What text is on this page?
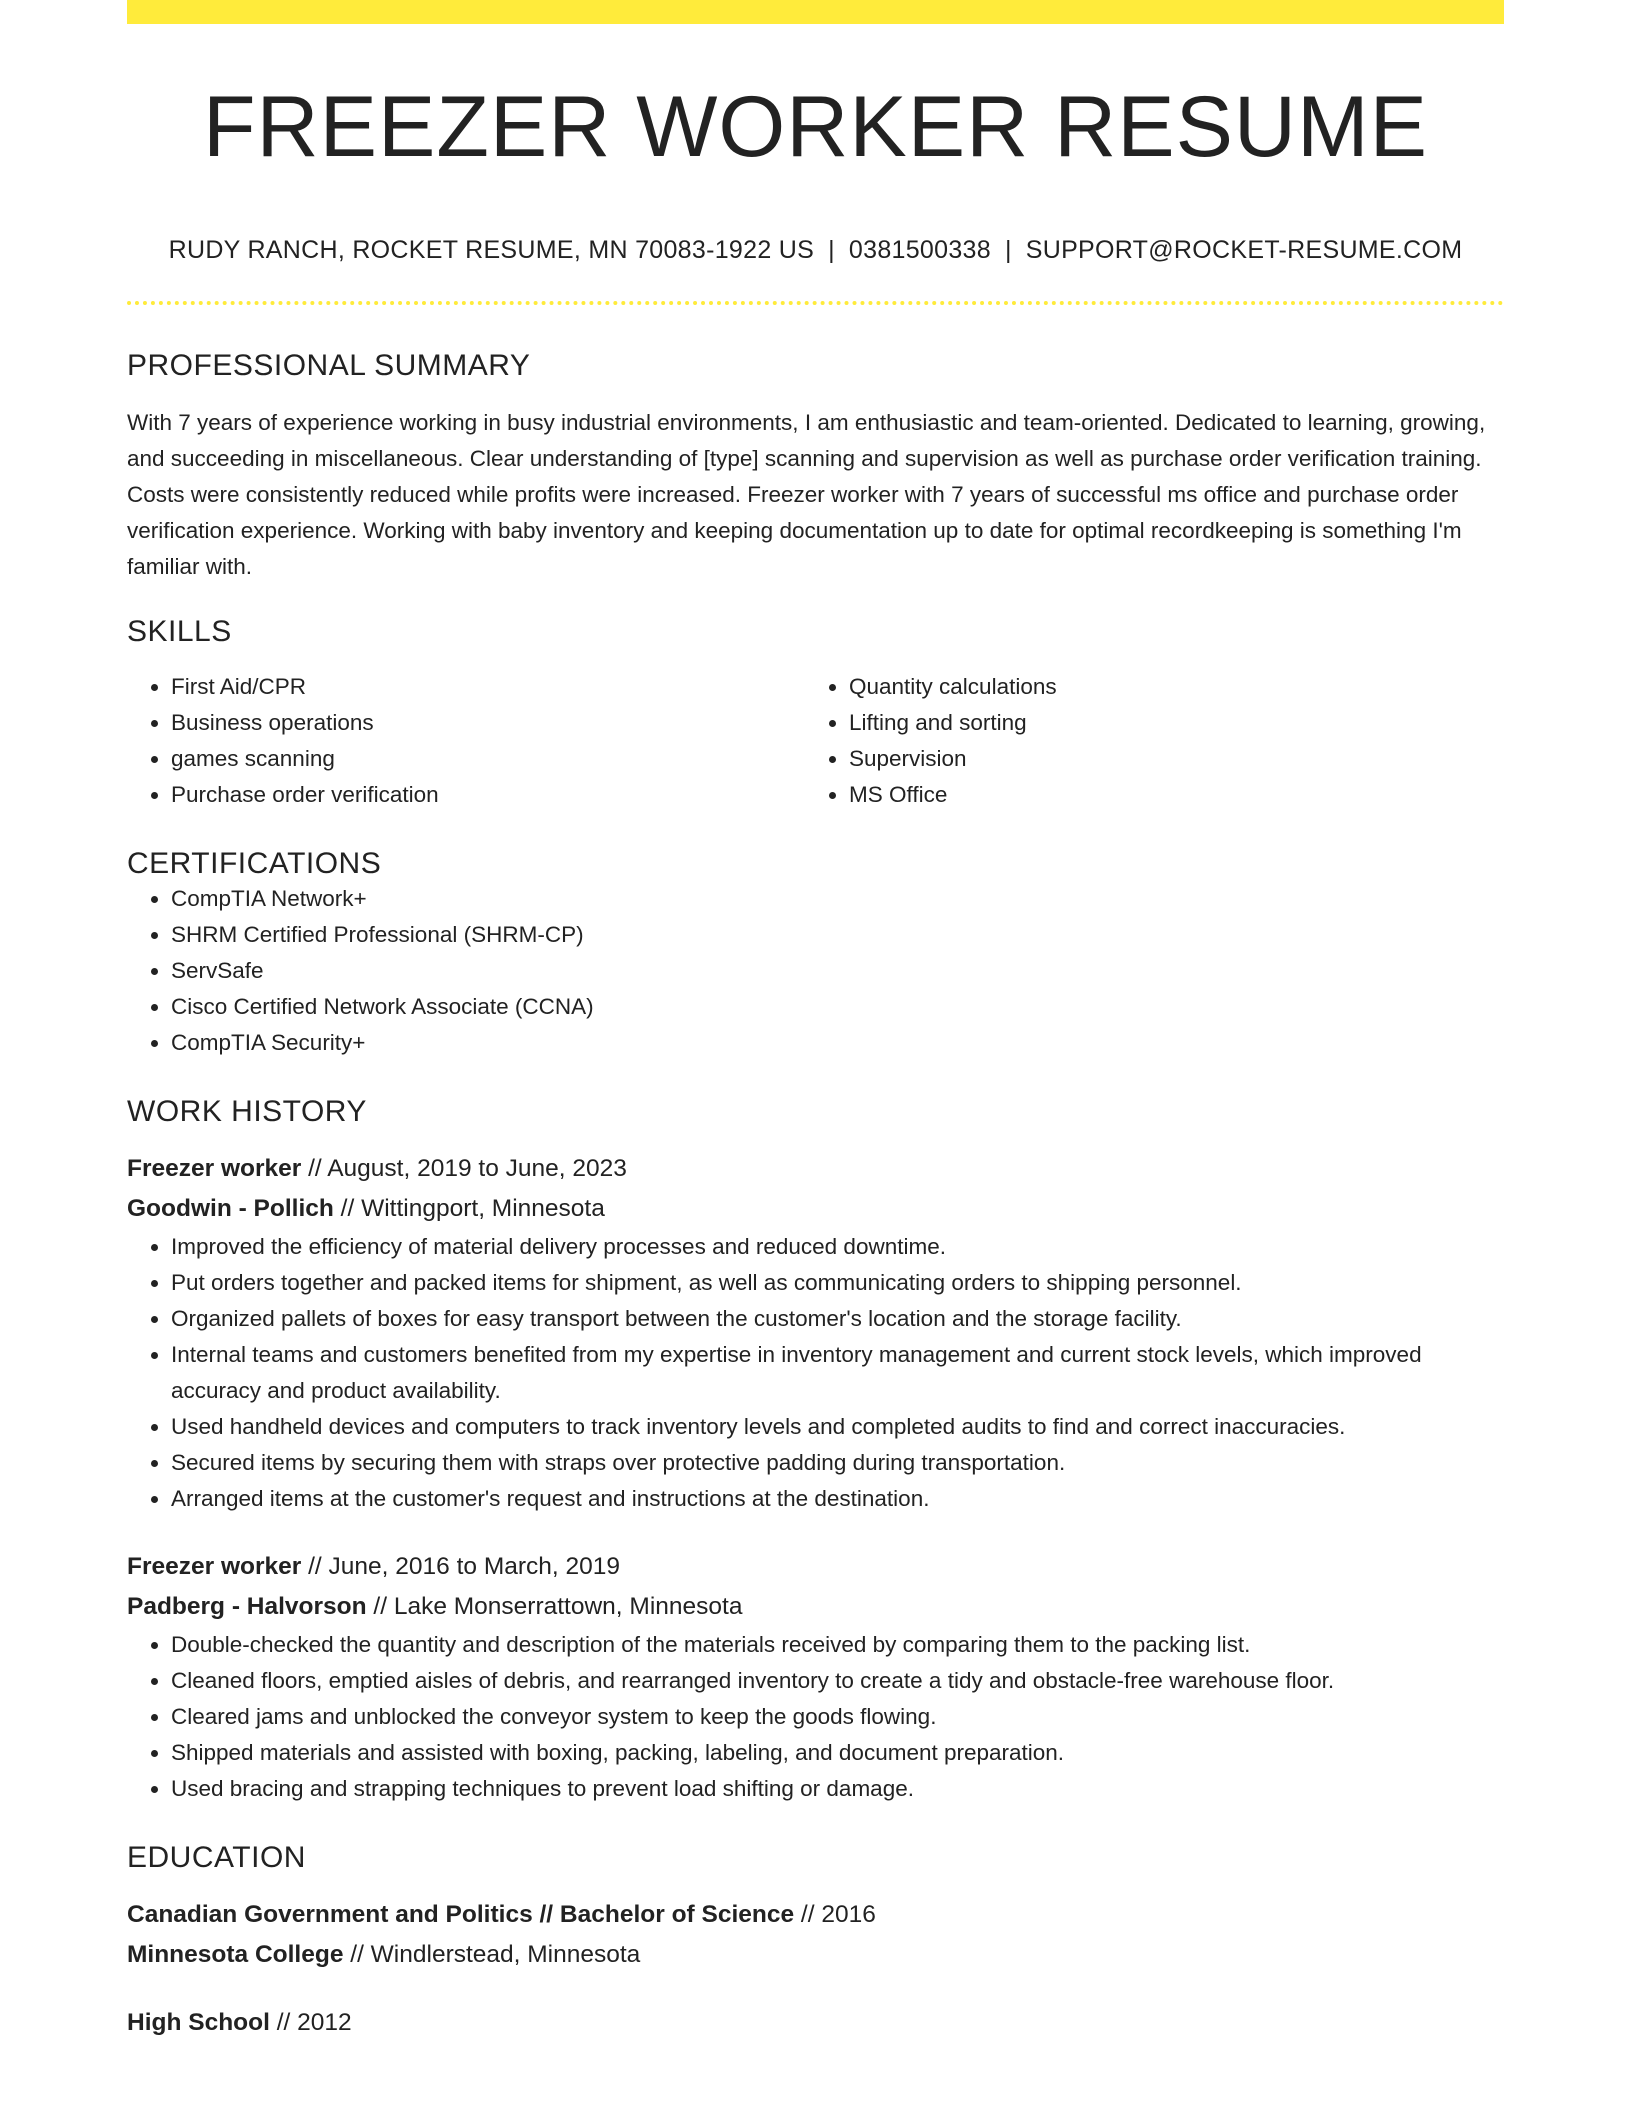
FREEZER WORKER RESUME
RUDY RANCH, ROCKET RESUME, MN 70083-1922 US | 0381500338 | SUPPORT@ROCKET-RESUME.COM
PROFESSIONAL SUMMARY
With 7 years of experience working in busy industrial environments, I am enthusiastic and team-oriented. Dedicated to learning, growing, and succeeding in miscellaneous. Clear understanding of [type] scanning and supervision as well as purchase order verification training. Costs were consistently reduced while profits were increased. Freezer worker with 7 years of successful ms office and purchase order verification experience. Working with baby inventory and keeping documentation up to date for optimal recordkeeping is something I'm familiar with.
SKILLS
• First Aid/CPR
• Business operations
• games scanning
• Purchase order verification
• Quantity calculations
• Lifting and sorting
• Supervision
• MS Office
CERTIFICATIONS
• CompTIA Network+
• SHRM Certified Professional (SHRM-CP)
• ServSafe
• Cisco Certified Network Associate (CCNA)
• CompTIA Security+
WORK HISTORY
Freezer worker // August, 2019 to June, 2023
Goodwin - Pollich // Wittingport, Minnesota
• Improved the efficiency of material delivery processes and reduced downtime.
• Put orders together and packed items for shipment, as well as communicating orders to shipping personnel.
• Organized pallets of boxes for easy transport between the customer's location and the storage facility.
• Internal teams and customers benefited from my expertise in inventory management and current stock levels, which improved accuracy and product availability.
• Used handheld devices and computers to track inventory levels and completed audits to find and correct inaccuracies.
• Secured items by securing them with straps over protective padding during transportation.
• Arranged items at the customer's request and instructions at the destination.
Freezer worker // June, 2016 to March, 2019
Padberg - Halvorson // Lake Monserrattown, Minnesota
• Double-checked the quantity and description of the materials received by comparing them to the packing list.
• Cleaned floors, emptied aisles of debris, and rearranged inventory to create a tidy and obstacle-free warehouse floor.
• Cleared jams and unblocked the conveyor system to keep the goods flowing.
• Shipped materials and assisted with boxing, packing, labeling, and document preparation.
• Used bracing and strapping techniques to prevent load shifting or damage.
EDUCATION
Canadian Government and Politics // Bachelor of Science // 2016
Minnesota College // Windlerstead, Minnesota
High School // 2012
